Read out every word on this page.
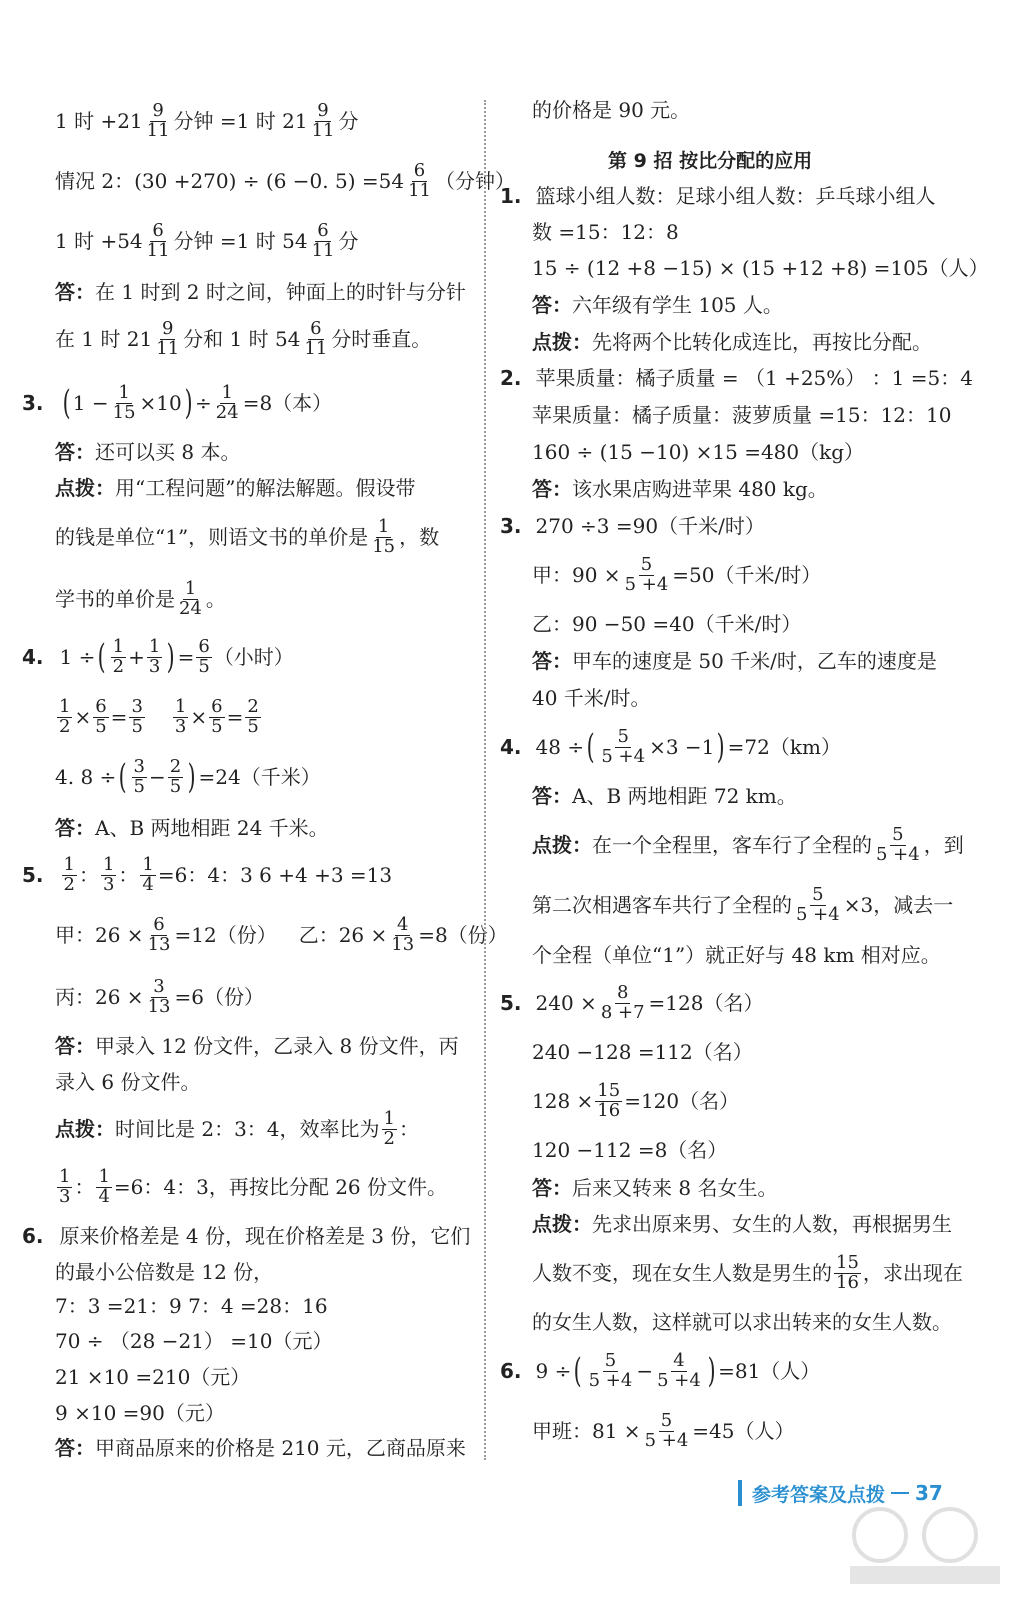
1 时 $+21 \frac{9}{11}$ 分钟 =1 时 $21 \frac{9}{11}$ 分
情况 2：(30 +270) ÷ (6 −0. $5) =54 \frac{6}{11}$ （分钟）
1 时 $+54 \frac{6}{11}$ 分钟 =1 时 $54 \frac{6}{11}$ 分
答： 在 1 时到 2 时之间，钟面上的时针与分针
在 1 时 $21 \frac{9}{11}$ 分和 1 时 $54 \frac{6}{11}$ 分时垂直。
3. ( $1 - \frac{1}{15} \times 10$ ) ÷ $\frac{1}{24} =8$（本）
答： 还可以买 8 本。
点拨： 用“工程问题”的解法解题。假设带
的钱是单位“1”，则语文书的单价是 $\frac{1}{15}$ ，数
学书的单价是 $\frac{1}{24}$ 。
4. 1 ÷ ( $\frac{1}{2} + \frac{1}{3}$ ) = $\frac{6}{5}$ （小时）
$\frac{1}{2} \times \frac{6}{5} = \frac{3}{5} \frac{1}{3} \times \frac{6}{5} = \frac{2}{5}$
4. 8 ÷ ( $\frac{3}{5} - \frac{2}{5}$ ) =24（千米）
答： A、B 两地相距 24 千米。
5. $\frac{1}{2}$ ： $\frac{1}{3}$ ： $\frac{1}{4} =6$：4：3 6 +4 +3 =13
甲：$26 \times \frac{6}{13} =12$（份） 乙：$26 \times \frac{4}{13} =8$（份）
丙：$26 \times \frac{3}{13} =6$（份）
答： 甲录入 12 份文件，乙录入 8 份文件，丙
录入 6 份文件。
点拨： 时间比是 2：3：4，效率比为 $\frac{1}{2}$ ：
$\frac{1}{3}$ ： $\frac{1}{4} =6$：4：3，再按比分配 26 份文件。
6. 原来价格差是 4 份，现在价格差是 3 份，它们
的最小公倍数是 12 份，
7：3 =21：9 7：4 =28：16
70 ÷ （28 −21） =10（元）
21 ×10 =210（元）
9 ×10 =90（元）
答： 甲商品原来的价格是 210 元，乙商品原来
的价格是 90 元。
第 9 招 按比分配的应用
1. 篮球小组人数：足球小组人数：乒乓球小组人
数 =15：12：8
15 ÷ (12 +8 −15) × (15 +12 +8) =105（人）
答： 六年级有学生 105 人。
点拨： 先将两个比转化成连比，再按比分配。
2. 苹果质量：橘子质量 = （1 +25%） ：1 =5：4
苹果质量：橘子质量：菠萝质量 =15：12：10
160 ÷ (15 −10) ×15 =480（kg）
答： 该水果店购进苹果 480 kg。
3. 270 ÷3 =90（千米/时）
甲：$90 \times \frac{5}{5 +4} =50$（千米/时）
乙：90 −50 =40（千米/时）
答： 甲车的速度是 50 千米/时，乙车的速度是
40 千米/时。
4. 48 ÷ ( $\frac{5}{5 +4} \times 3 -1$ ) =72（km）
答： A、B 两地相距 72 km。
点拨： 在一个全程里，客车行了全程的 $\frac{5}{5 +4}$ ，到
第二次相遇客车共行了全程的 $\frac{5}{5 +4} \times 3$，减去一
个全程（单位“1”）就正好与 48 km 相对应。
5. $240 \times \frac{8}{8 +7} =128$（名）
240 −128 =112（名）
$128 \times \frac{15}{16} =120$（名）
120 −112 =8（名）
答： 后来又转来 8 名女生。
点拨： 先求出原来男、女生的人数，再根据男生
人数不变，现在女生人数是男生的 $\frac{15}{16}$ ，求出现在
的女生人数，这样就可以求出转来的女生人数。
6. 9 ÷ ( $\frac{5}{5 +4} - \frac{4}{5 +4}$ ) =81（人）
甲班：$81 \times \frac{5}{5 +4} =45$（人）
参考答案及点拨 37
